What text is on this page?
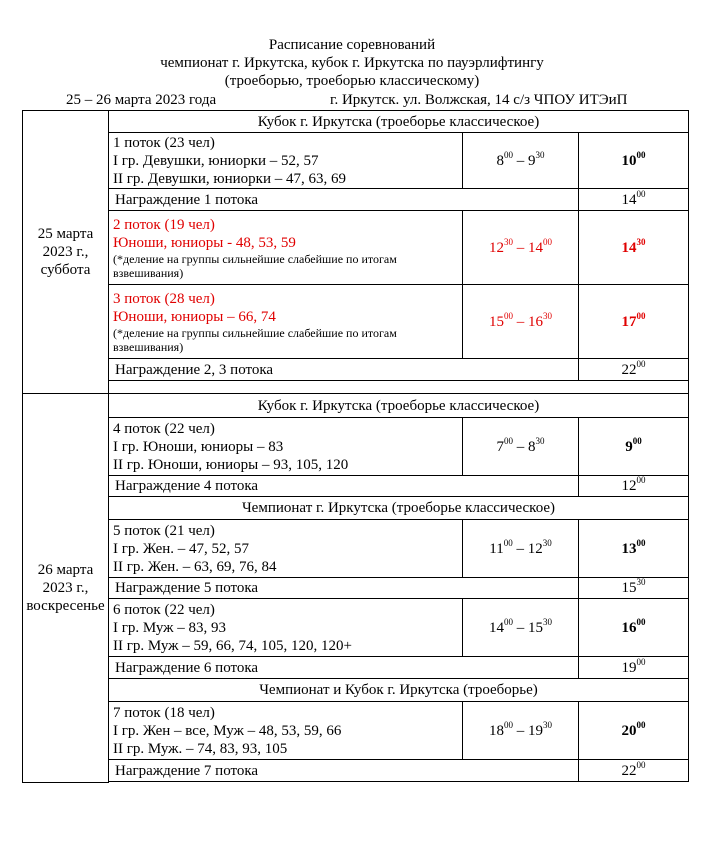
Расписание соревнований
чемпионат г. Иркутска, кубок г. Иркутска по пауэрлифтингу
(троеборью, троеборью классическому)
25 – 26 марта 2023 года	г. Иркутск. ул. Волжская, 14 с/з ЧПОУ ИТЭиП
25 марта
2023 г.,
суббота	Кубок г. Иркутска (троеборье классическое)		

	1 поток (23 чел)
I гр. Девушки, юниорки – 52, 57
II гр. Девушки, юниорки – 47, 63, 69	$8^{00} - 9^{30}$	$10^{00}$
	Награждение 1 потока		$14^{00}$

	2 поток (19 чел)
Юноши, юниоры - 48, 53, 59
(*деление на группы сильнейшие слабейшие по итогам взвешивания)	$12^{30} - 14^{00}$	$14^{30}$

	3 поток (28 чел)
Юноши, юниоры – 66, 74
(*деление на группы сильнейшие слабейшие по итогам взвешивания)	$15^{00} - 16^{30}$	$17^{00}$
	Награждение 2, 3 потока		$22^{00}$

26 марта
2023 г.,
воскресенье	Кубок г. Иркутска (троеборье классическое)		

	4 поток (22 чел)
I гр. Юноши, юниоры – 83
II гр. Юноши, юниоры – 93, 105, 120	$7^{00} - 8^{30}$	$9^{00}$
	Награждение 4 потока		$12^{00}$
	Чемпионат г. Иркутска (троеборье классическое)		

	5 поток (21 чел)
I гр. Жен. – 47, 52, 57
II гр. Жен. – 63, 69, 76, 84	$11^{00} - 12^{30}$	$13^{00}$
	Награждение 5 потока		$15^{30}$

	6 поток (22 чел)
I гр. Муж – 83, 93
II гр. Муж – 59, 66, 74, 105, 120, 120+	$14^{00} - 15^{30}$	$16^{00}$
	Награждение 6 потока		$19^{00}$
	Чемпионат и Кубок г. Иркутска (троеборье)		

	7 поток (18 чел)
I гр. Жен – все, Муж – 48, 53, 59, 66
II гр. Муж. – 74, 83, 93, 105	$18^{00} - 19^{30}$	$20^{00}$
	Награждение 7 потока		$22^{00}$
